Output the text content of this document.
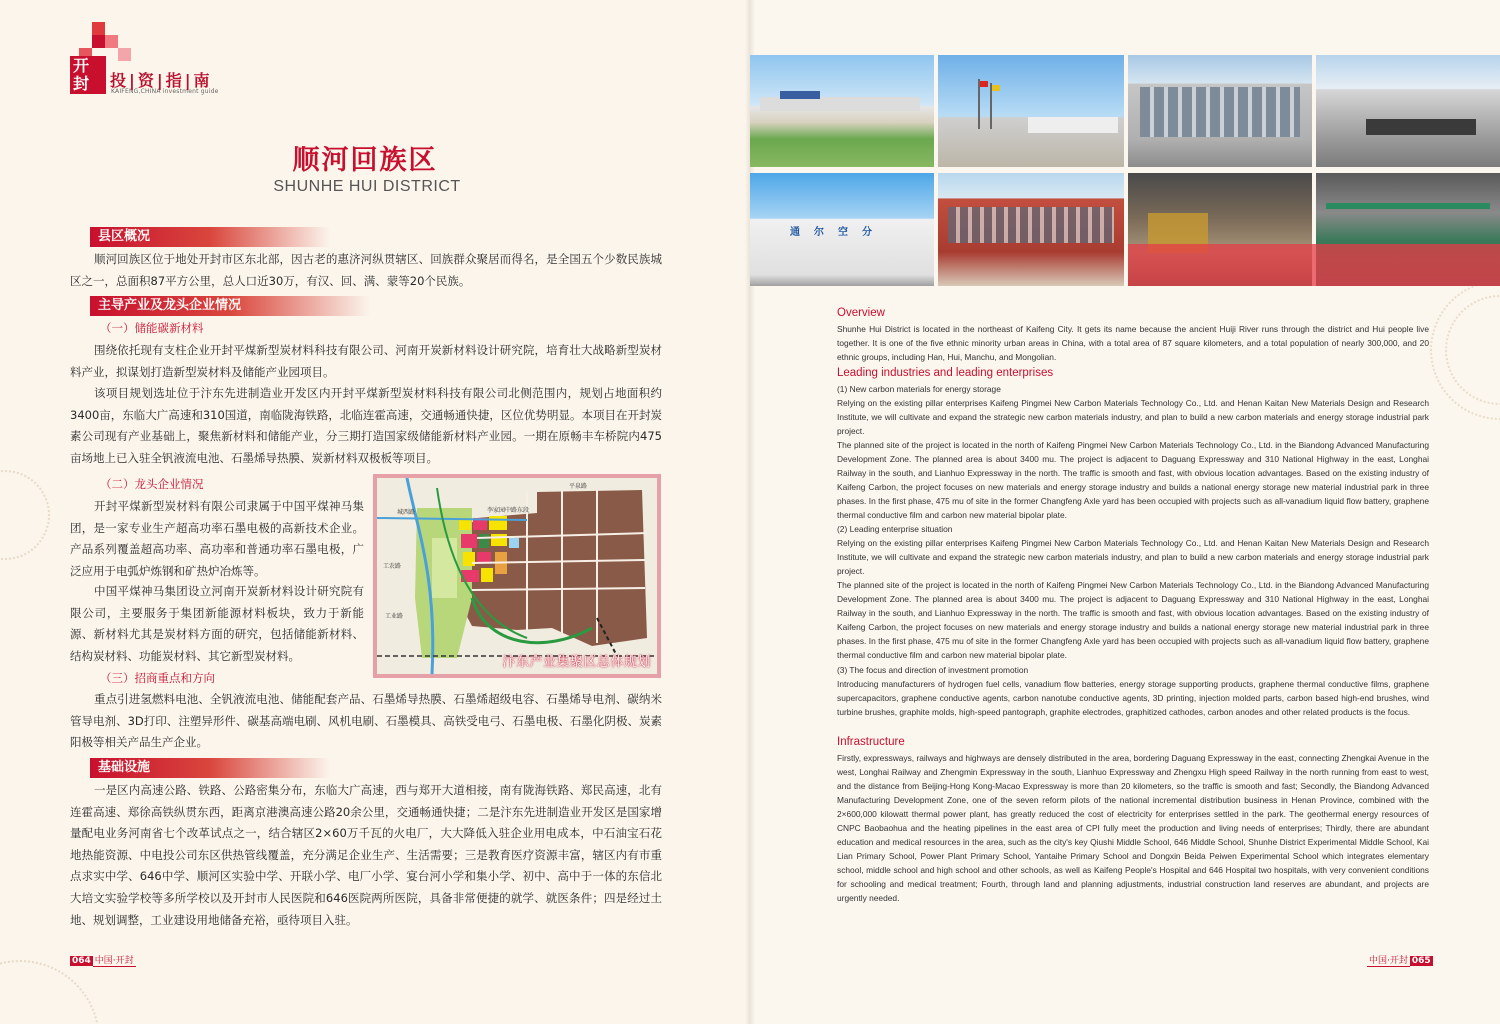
开封	投|资|指|南
KAIFENG,CHINA investment guide
顺河回族区
SHUNHE HUI DISTRICT
县区概况
顺河回族区位于地处开封市区东北部，因古老的惠济河纵贯辖区、回族群众聚居而得名，是全国五个少数民族城区之一，总面积87平方公里，总人口近30万，有汉、回、满、蒙等20个民族。
主导产业及龙头企业情况
（一）储能碳新材料
围绕依托现有支柱企业开封平煤新型炭材料科技有限公司、河南开炭新材料设计研究院，培育壮大战略新型炭材料产业，拟谋划打造新型炭材料及储能产业园项目。
该项目规划选址位于汴东先进制造业开发区内开封平煤新型炭材料科技有限公司北侧范围内，规划占地面积约3400亩，东临大广高速和310国道，南临陇海铁路，北临连霍高速，交通畅通快捷，区位优势明显。本项目在开封炭素公司现有产业基础上，聚焦新材料和储能产业，分三期打造国家级储能新材料产业园。一期在原畅丰车桥院内475亩场地上已入驻全钒液流电池、石墨烯导热膜、炭新材料双极板等项目。
（二）龙头企业情况
开封平煤新型炭材料有限公司隶属于中国平煤神马集团，是一家专业生产超高功率石墨电极的高新技术企业。产品系列覆盖超高功率、高功率和普通功率石墨电极，广泛应用于电弧炉炼钢和矿热炉冶炼等。
中国平煤神马集团设立河南开炭新材料设计研究院有限公司，主要服务于集团新能源材料板块，致力于新能源、新材料尤其是炭材料方面的研究，包括储能新材料、结构炭材料、功能炭材料、其它新型炭材料。
平泉路
李家园中路东段
工农路
城西路
工业路
汴东产业集聚区总体规划
（三）招商重点和方向
重点引进氢燃料电池、全钒液流电池、储能配套产品、石墨烯导热膜、石墨烯超级电容、石墨烯导电剂、碳纳米管导电剂、3D打印、注塑异形件、碳基高端电刷、风机电刷、石墨模具、高铁受电弓、石墨电极、石墨化阴极、炭素阳极等相关产品生产企业。
基础设施
一是区内高速公路、铁路、公路密集分布，东临大广高速，西与郑开大道相接，南有陇海铁路、郑民高速，北有连霍高速、郑徐高铁纵贯东西，距离京港澳高速公路20余公里，交通畅通快捷；二是汴东先进制造业开发区是国家增量配电业务河南省七个改革试点之一，结合辖区2×60万千瓦的火电厂，大大降低入驻企业用电成本，中石油宝石花地热能资源、中电投公司东区供热管线覆盖，充分满足企业生产、生活需要；三是教育医疗资源丰富，辖区内有市重点求实中学、646中学、顺河区实验中学、开联小学、电厂小学、宴台河小学和集小学、初中、高中于一体的东信北大培文实验学校等多所学校以及开封市人民医院和646医院两所医院，具备非常便捷的就学、就医条件；四是经过土地、规划调整，工业建设用地储备充裕，亟待项目入驻。
064 中国·开封
通尔空分
Overview
Shunhe Hui District is located in the northeast of Kaifeng City. It gets its name because the ancient Huiji River runs through the district and Hui people live together. It is one of the five ethnic minority urban areas in China, with a total area of 87 square kilometers, and a total population of nearly 300,000, and 20 ethnic groups, including Han, Hui, Manchu, and Mongolian.
Leading industries and leading enterprises
(1) New carbon materials for energy storage
Relying on the existing pillar enterprises Kaifeng Pingmei New Carbon Materials Technology Co., Ltd. and Henan Kaitan New Materials Design and Research Institute, we will cultivate and expand the strategic new carbon materials industry, and plan to build a new carbon materials and energy storage industrial park project.
The planned site of the project is located in the north of Kaifeng Pingmei New Carbon Materials Technology Co., Ltd. in the Biandong Advanced Manufacturing Development Zone. The planned area is about 3400 mu. The project is adjacent to Daguang Expressway and 310 National Highway in the east, Longhai Railway in the south, and Lianhuo Expressway in the north. The traffic is smooth and fast, with obvious location advantages. Based on the existing industry of Kaifeng Carbon, the project focuses on new materials and energy storage industry and builds a national energy storage new material industrial park in three phases. In the first phase, 475 mu of site in the former Changfeng Axle yard has been occupied with projects such as all-vanadium liquid flow battery, graphene thermal conductive film and carbon new material bipolar plate.
(2) Leading enterprise situation
Relying on the existing pillar enterprises Kaifeng Pingmei New Carbon Materials Technology Co., Ltd. and Henan Kaitan New Materials Design and Research Institute, we will cultivate and expand the strategic new carbon materials industry, and plan to build a new carbon materials and energy storage industrial park project.
The planned site of the project is located in the north of Kaifeng Pingmei New Carbon Materials Technology Co., Ltd. in the Biandong Advanced Manufacturing Development Zone. The planned area is about 3400 mu. The project is adjacent to Daguang Expressway and 310 National Highway in the east, Longhai Railway in the south, and Lianhuo Expressway in the north. The traffic is smooth and fast, with obvious location advantages. Based on the existing industry of Kaifeng Carbon, the project focuses on new materials and energy storage industry and builds a national energy storage new material industrial park in three phases. In the first phase, 475 mu of site in the former Changfeng Axle yard has been occupied with projects such as all-vanadium liquid flow battery, graphene thermal conductive film and carbon new material bipolar plate.
(3) The focus and direction of investment promotion
Introducing manufacturers of hydrogen fuel cells, vanadium flow batteries, energy storage supporting products, graphene thermal conductive films, graphene supercapacitors, graphene conductive agents, carbon nanotube conductive agents, 3D printing, injection molded parts, carbon based high-end brushes, wind turbine brushes, graphite molds, high-speed pantograph, graphite electrodes, graphitized cathodes, carbon anodes and other related products is the focus.
Infrastructure
Firstly, expressways, railways and highways are densely distributed in the area, bordering Daguang Expressway in the east, connecting Zhengkai Avenue in the west, Longhai Railway and Zhengmin Expressway in the south, Lianhuo Expressway and Zhengxu High speed Railway in the north running from east to west, and the distance from Beijing-Hong Kong-Macao Expressway is more than 20 kilometers, so the traffic is smooth and fast; Secondly, the Biandong Advanced Manufacturing Development Zone, one of the seven reform pilots of the national incremental distribution business in Henan Province, combined with the 2×600,000 kilowatt thermal power plant, has greatly reduced the cost of electricity for enterprises settled in the park. The geothermal energy resources of CNPC Baobaohua and the heating pipelines in the east area of CPI fully meet the production and living needs of enterprises; Thirdly, there are abundant education and medical resources in the area, such as the city's key Qiushi Middle School, 646 Middle School, Shunhe District Experimental Middle School, Kai Lian Primary School, Power Plant Primary School, Yantaihe Primary School and Dongxin Beida Peiwen Experimental School which integrates elementary school, middle school and high school and other schools, as well as Kaifeng People's Hospital and 646 Hospital two hospitals, with very convenient conditions for schooling and medical treatment; Fourth, through land and planning adjustments, industrial construction land reserves are abundant, and projects are urgently needed.
中国·开封 065
